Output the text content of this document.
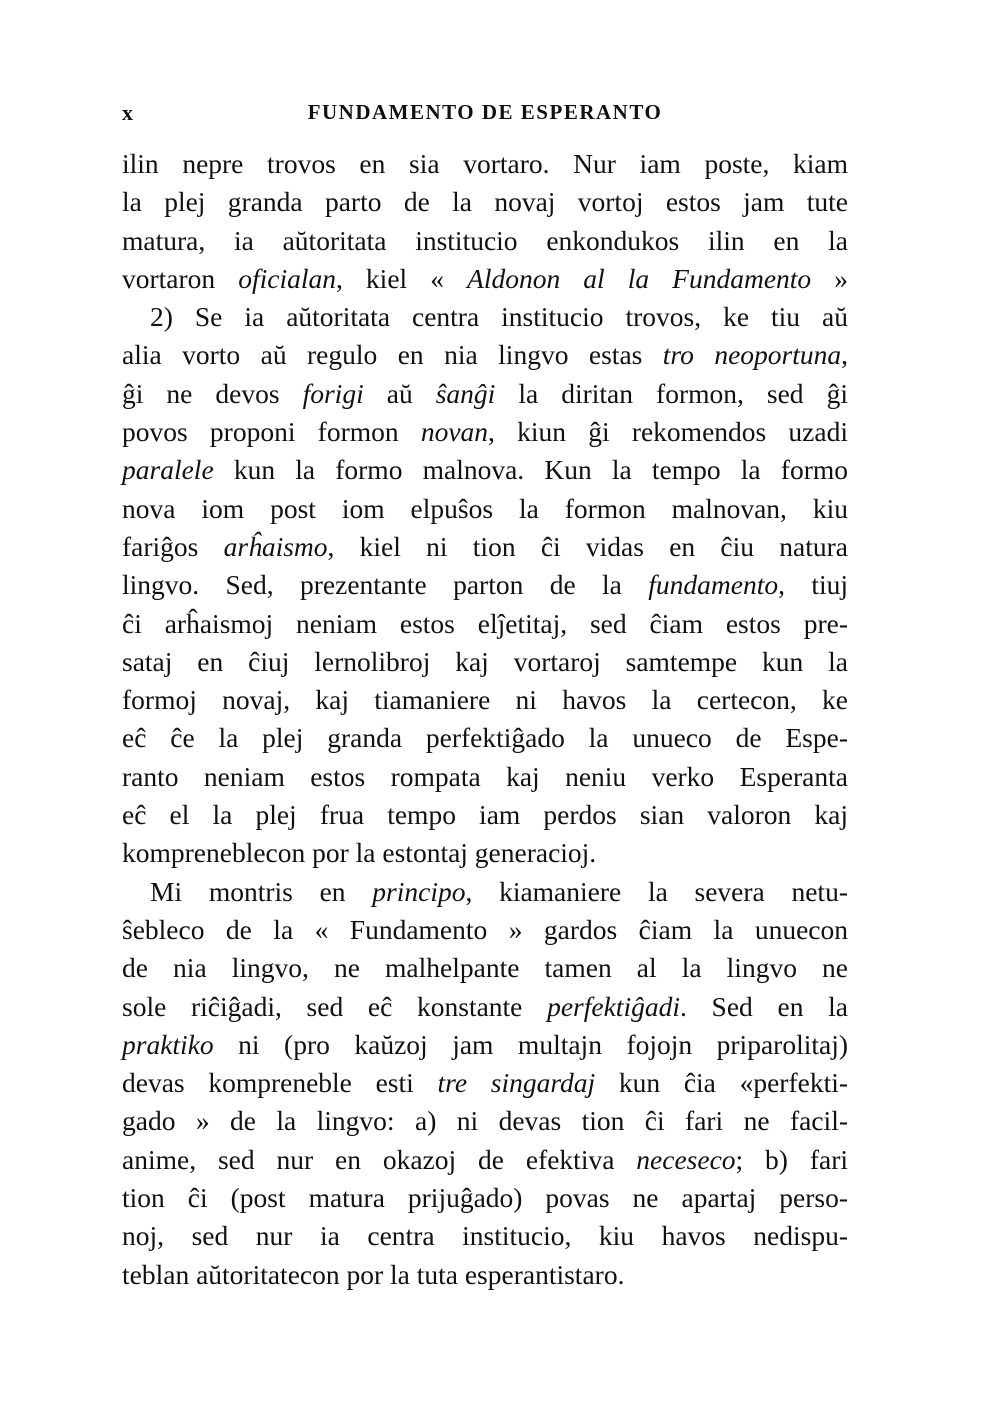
x	FUNDAMENTO DE ESPERANTO
ilin nepre trovos en sia vortaro. Nur iam poste, kiam
la plej granda parto de la novaj vortoj estos jam tute
matura, ia aŭtoritata institucio enkondukos ilin en la
vortaron oficialan, kiel « Aldonon al la Fundamento »
2) Se ia aŭtoritata centra institucio trovos, ke tiu aŭ
alia vorto aŭ regulo en nia lingvo estas tro neoportuna,
ĝi ne devos forigi aŭ ŝanĝi la diritan formon, sed ĝi
povos proponi formon novan, kiun ĝi rekomendos uzadi
paralele kun la formo malnova. Kun la tempo la formo
nova iom post iom elpuŝos la formon malnovan, kiu
fariĝos arĥaismo, kiel ni tion ĉi vidas en ĉiu natura
lingvo. Sed, prezentante parton de la fundamento, tiuj
ĉi arĥaismoj neniam estos elĵetitaj, sed ĉiam estos pre-
sataj en ĉiuj lernolibroj kaj vortaroj samtempe kun la
formoj novaj, kaj tiamaniere ni havos la certecon, ke
eĉ ĉe la plej granda perfektiĝado la unueco de Espe-
ranto neniam estos rompata kaj neniu verko Esperanta
eĉ el la plej frua tempo iam perdos sian valoron kaj
kompreneblecon por la estontaj generacioj.
Mi montris en principo, kiamaniere la severa netu-
ŝebleco de la « Fundamento » gardos ĉiam la unuecon
de nia lingvo, ne malhelpante tamen al la lingvo ne
sole riĉiĝadi, sed eĉ konstante perfektiĝadi. Sed en la
praktiko ni (pro kaŭzoj jam multajn fojojn priparolitaj)
devas kompreneble esti tre singardaj kun ĉia «perfekti-
gado » de la lingvo: a) ni devas tion ĉi fari ne facil-
anime, sed nur en okazoj de efektiva neceseco; b) fari
tion ĉi (post matura prijuĝado) povas ne apartaj perso-
noj, sed nur ia centra institucio, kiu havos nedispu-
teblan aŭtoritatecon por la tuta esperantistaro.
